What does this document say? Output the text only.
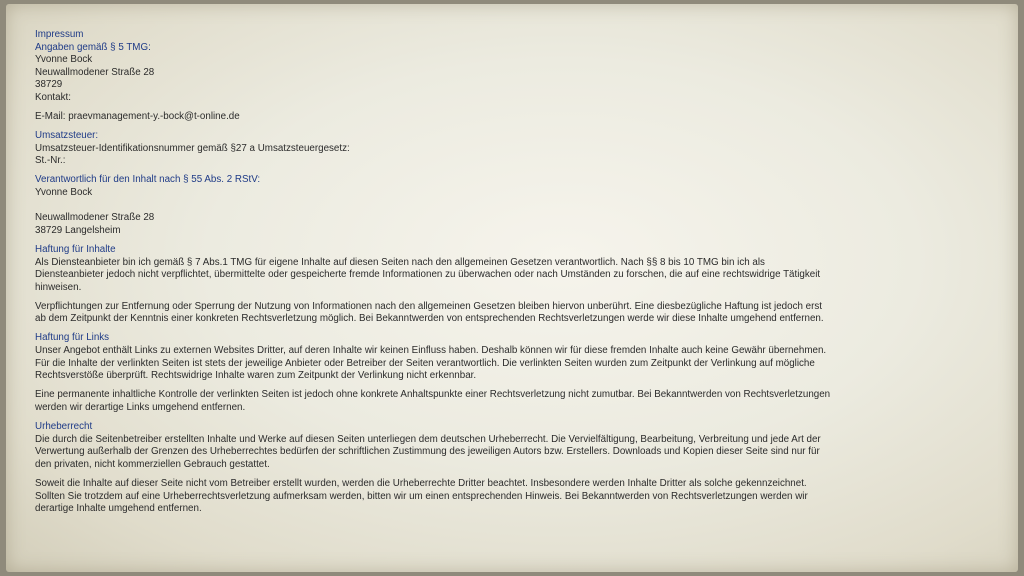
Impressum

Angaben gemäß § 5 TMG:

Yvonne Bock

Neuwallmodener Straße 28

38729

Kontakt:

E-Mail: praevmanagement-y.-bock@t-online.de

Umsatzsteuer:

Umsatzsteuer-Identifikationsnummer gemäß §27 a Umsatzsteuergesetz:

St.-Nr.:

Verantwortlich für den Inhalt nach § 55 Abs. 2 RStV:

Yvonne Bock

Neuwallmodener Straße 28

38729 Langelsheim

Haftung für Inhalte

Als Diensteanbieter bin ich gemäß § 7 Abs.1 TMG für eigene Inhalte auf diesen Seiten nach den allgemeinen Gesetzen verantwortlich. Nach §§ 8 bis 10 TMG bin ich als
Diensteanbieter jedoch nicht verpflichtet, übermittelte oder gespeicherte fremde Informationen zu überwachen oder nach Umständen zu forschen, die auf eine rechtswidrige Tätigkeit
hinweisen.

Verpflichtungen zur Entfernung oder Sperrung der Nutzung von Informationen nach den allgemeinen Gesetzen bleiben hiervon unberührt. Eine diesbezügliche Haftung ist jedoch erst
ab dem Zeitpunkt der Kenntnis einer konkreten Rechtsverletzung möglich. Bei Bekanntwerden von entsprechenden Rechtsverletzungen werde wir diese Inhalte umgehend entfernen.

Haftung für Links

Unser Angebot enthält Links zu externen Websites Dritter, auf deren Inhalte wir keinen Einfluss haben. Deshalb können wir für diese fremden Inhalte auch keine Gewähr übernehmen.
Für die Inhalte der verlinkten Seiten ist stets der jeweilige Anbieter oder Betreiber der Seiten verantwortlich. Die verlinkten Seiten wurden zum Zeitpunkt der Verlinkung auf mögliche
Rechtsverstöße überprüft. Rechtswidrige Inhalte waren zum Zeitpunkt der Verlinkung nicht erkennbar.

Eine permanente inhaltliche Kontrolle der verlinkten Seiten ist jedoch ohne konkrete Anhaltspunkte einer Rechtsverletzung nicht zumutbar. Bei Bekanntwerden von Rechtsverletzungen
werden wir derartige Links umgehend entfernen.

Urheberrecht

Die durch die Seitenbetreiber erstellten Inhalte und Werke auf diesen Seiten unterliegen dem deutschen Urheberrecht. Die Vervielfältigung, Bearbeitung, Verbreitung und jede Art der
Verwertung außerhalb der Grenzen des Urheberrechtes bedürfen der schriftlichen Zustimmung des jeweiligen Autors bzw. Erstellers. Downloads und Kopien dieser Seite sind nur für
den privaten, nicht kommerziellen Gebrauch gestattet.

Soweit die Inhalte auf dieser Seite nicht vom Betreiber erstellt wurden, werden die Urheberrechte Dritter beachtet. Insbesondere werden Inhalte Dritter als solche gekennzeichnet.
Sollten Sie trotzdem auf eine Urheberrechtsverletzung aufmerksam werden, bitten wir um einen entsprechenden Hinweis. Bei Bekanntwerden von Rechtsverletzungen werden wir
derartige Inhalte umgehend entfernen.
